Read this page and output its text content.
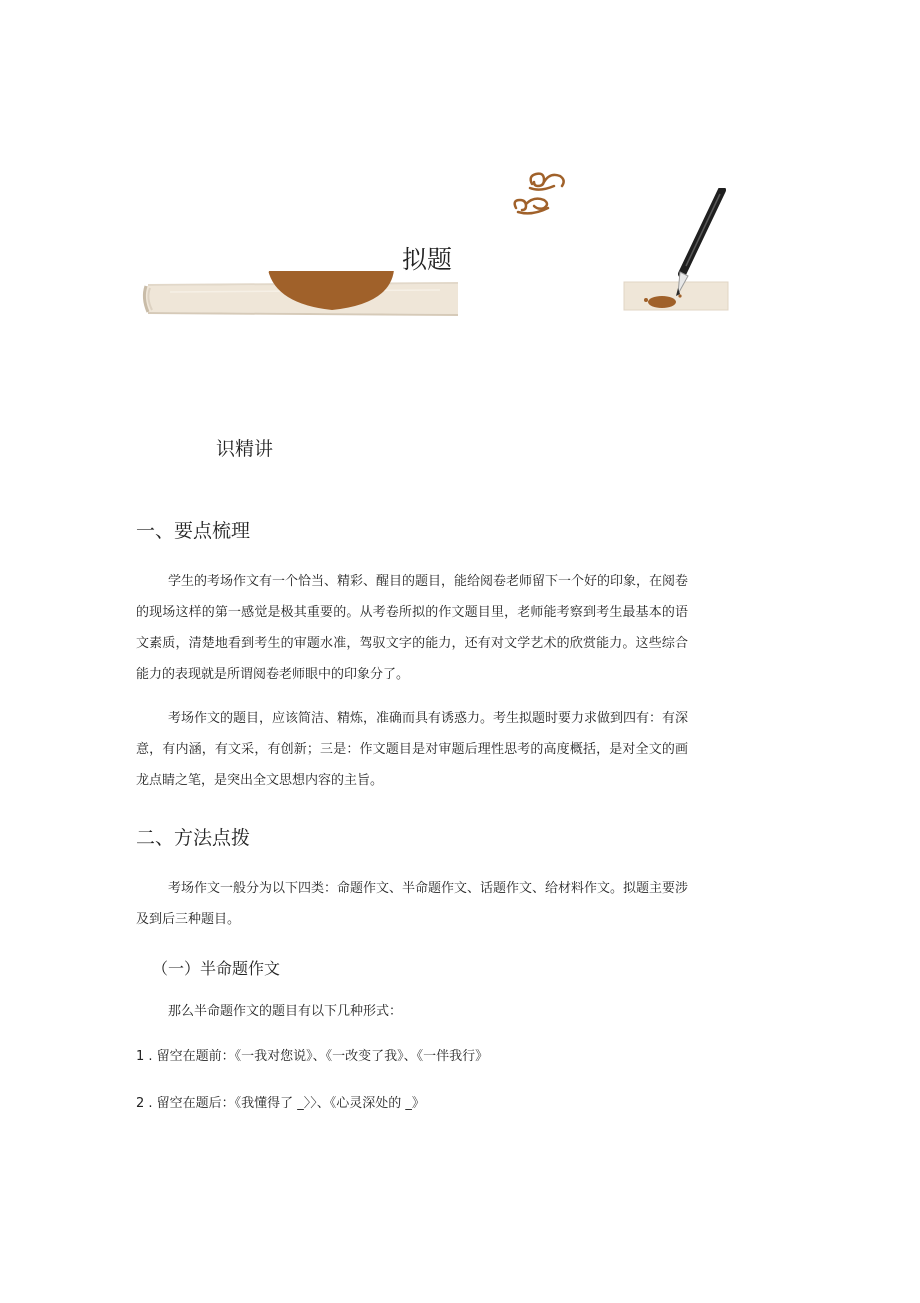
拟题
识精讲
一、要点梳理
学生的考场作文有一个恰当、精彩、醒目的题目，能给阅卷老师留下一个好的印象，在阅卷的现场这样的第一感觉是极其重要的。从考卷所拟的作文题目里，老师能考察到考生最基本的语文素质，清楚地看到考生的审题水准，驾驭文字的能力，还有对文学艺术的欣赏能力。这些综合能力的表现就是所谓阅卷老师眼中的印象分了。
考场作文的题目，应该简洁、精炼，准确而具有诱惑力。考生拟题时要力求做到四有：有深意，有内涵，有文采，有创新；三是：作文题目是对审题后理性思考的高度概括，是对全文的画龙点睛之笔，是突出全文思想内容的主旨。
二、方法点拨
考场作文一般分为以下四类：命题作文、半命题作文、话题作文、给材料作文。拟题主要涉及到后三种题目。
（一）半命题作文
那么半命题作文的题目有以下几种形式：
1 . 留空在题前：《一我对您说》、《一改变了我》、《一伴我行》
2 . 留空在题后：《我懂得了 _〉〉、《心灵深处的 _》
